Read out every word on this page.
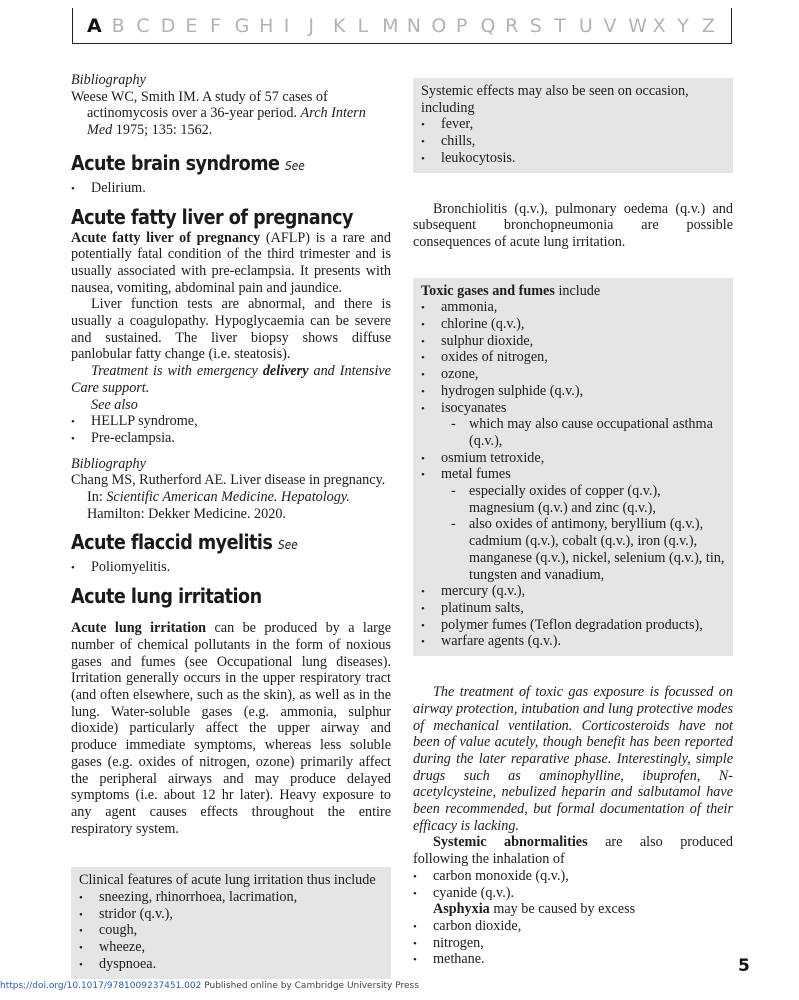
A B C D E F G H I J K L M N O P Q R S T U V W X Y Z

Bibliography

Weese WC, Smith IM. A study of 57 cases of actinomycosis over a 36-year period. Arch Intern Med 1975; 135: 1562.

Acute brain syndrome See
• Delirium.
Acute fatty liver of pregnancy

Acute fatty liver of pregnancy (AFLP) is a rare and potentially fatal condition of the third trimester and is usually associated with pre-eclampsia. It presents with nausea, vomiting, abdominal pain and jaundice.

Liver function tests are abnormal, and there is usually a coagulopathy. Hypoglycaemia can be severe and sustained. The liver biopsy shows diffuse panlobular fatty change (i.e. steatosis).

Treatment is with emergency delivery and Intensive Care support.

See also

• HELLP syndrome,
• Pre-eclampsia.

Bibliography

Chang MS, Rutherford AE. Liver disease in pregnancy.

In: Scientific American Medicine. Hepatology.

Hamilton: Dekker Medicine. 2020.

Acute flaccid myelitis See
• Poliomyelitis.
Acute lung irritation

Acute lung irritation can be produced by a large number of chemical pollutants in the form of noxious gases and fumes (see Occupational lung diseases). Irritation generally occurs in the upper respiratory tract (and often elsewhere, such as the skin), as well as in the lung. Water-soluble gases (e.g. ammonia, sulphur dioxide) particularly affect the upper airway and produce immediate symptoms, whereas less soluble gases (e.g. oxides of nitrogen, ozone) primarily affect the peripheral airways and may produce delayed symptoms (i.e. about 12 hr later). Heavy exposure to any agent causes effects throughout the entire respiratory system.

Clinical features of acute lung irritation thus include

• sneezing, rhinorrhoea, lacrimation,
• stridor (q.v.),
• cough,
• wheeze,
• dyspnoea.

Systemic effects may also be seen on occasion, including

• fever,
• chills,
• leukocytosis.

Bronchiolitis (q.v.), pulmonary oedema (q.v.) and subsequent bronchopneumonia are possible consequences of acute lung irritation.

Toxic gases and fumes include

• ammonia,
• chlorine (q.v.),
• sulphur dioxide,
• oxides of nitrogen,
• ozone,
• hydrogen sulphide (q.v.),
• isocyanates
- which may also cause occupational asthma (q.v.),
• osmium tetroxide,
• metal fumes
- especially oxides of copper (q.v.), magnesium (q.v.) and zinc (q.v.),
- also oxides of antimony, beryllium (q.v.), cadmium (q.v.), cobalt (q.v.), iron (q.v.), manganese (q.v.), nickel, selenium (q.v.), tin, tungsten and vanadium,
• mercury (q.v.),
• platinum salts,
• polymer fumes (Teflon degradation products),
• warfare agents (q.v.).

The treatment of toxic gas exposure is focussed on airway protection, intubation and lung protective modes of mechanical ventilation. Corticosteroids have not been of value acutely, though benefit has been reported during the later reparative phase. Interestingly, simple drugs such as aminophylline, ibuprofen, N-acetylcysteine, nebulized heparin and salbutamol have been recommended, but formal documentation of their efficacy is lacking.

Systemic abnormalities are also produced following the inhalation of

• carbon monoxide (q.v.),
• cyanide (q.v.).

Asphyxia may be caused by excess

• carbon dioxide,
• nitrogen,
• methane.	5
https://doi.org/10.1017/9781009237451.002 Published online by Cambridge University Press
